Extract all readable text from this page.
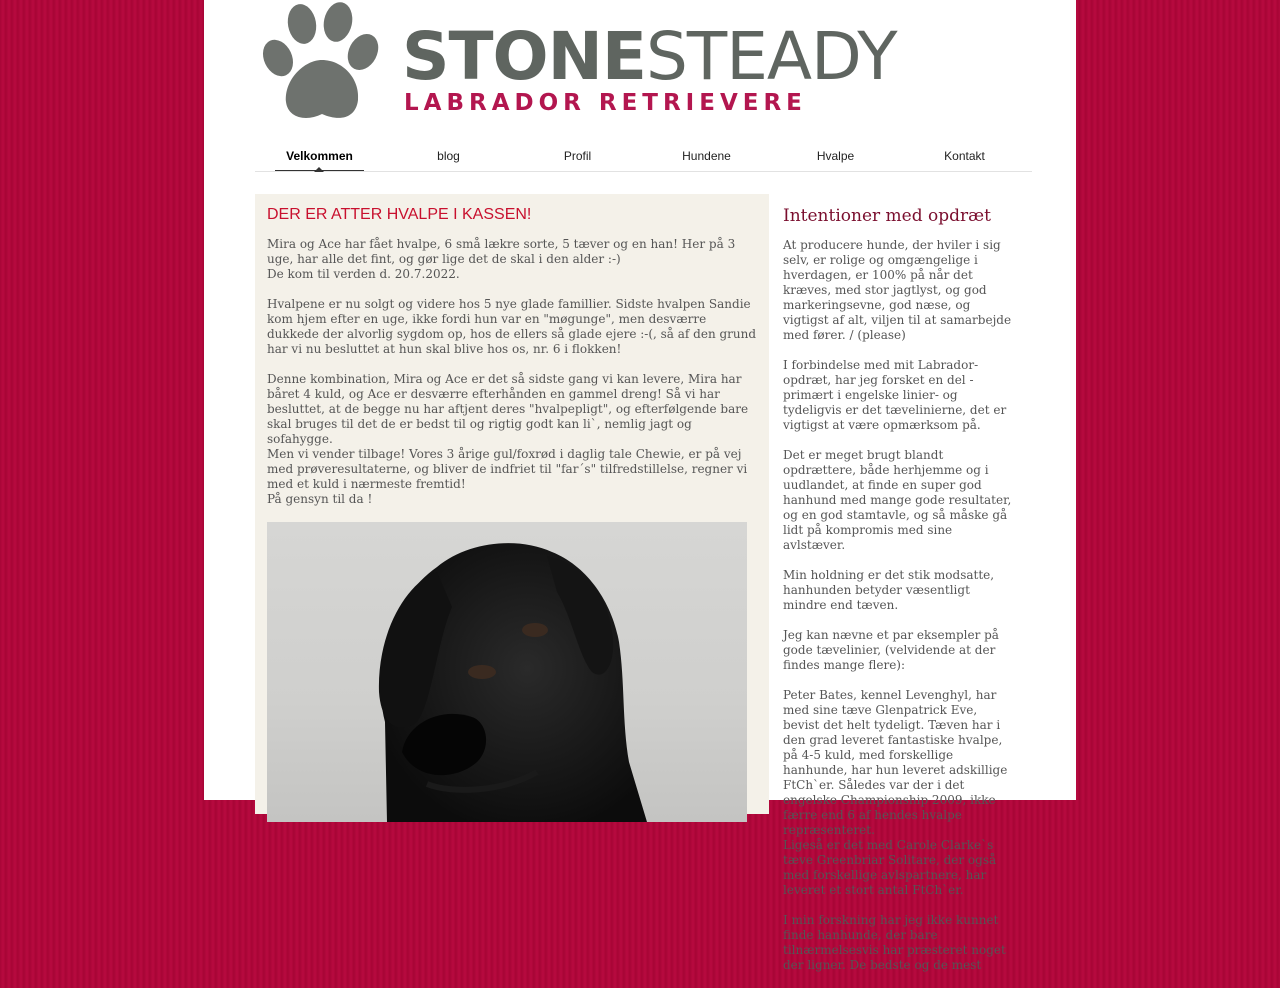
STONESTEADY
LABRADOR RETRIEVERE
Velkommen	blog	Profil	Hundene	Hvalpe	Kontakt
DER ER ATTER HVALPE I KASSEN!

Mira og Ace har fået hvalpe, 6 små lækre sorte, 5 tæver og en han! Her på 3 uge, har alle det fint, og gør lige det de skal i den alder :-)
De kom til verden d. 20.7.2022.

Hvalpene er nu solgt og videre hos 5 nye glade famillier. Sidste hvalpen Sandie kom hjem efter en uge, ikke fordi hun var en "møgunge", men desværre dukkede der alvorlig sygdom op, hos de ellers så glade ejere :-(, så af den grund har vi nu besluttet at hun skal blive hos os, nr. 6 i flokken!

Denne kombination, Mira og Ace er det så sidste gang vi kan levere, Mira har båret 4 kuld, og Ace er desværre efterhånden en gammel dreng! Så vi har besluttet, at de begge nu har aftjent deres "hvalpepligt", og efterfølgende bare skal bruges til det de er bedst til og rigtig godt kan li`, nemlig jagt og sofahygge.
Men vi vender tilbage! Vores 3 årige gul/foxrød i daglig tale Chewie, er på vej med prøveresultaterne, og bliver de indfriet til "far´s" tilfredstillelse, regner vi med et kuld i nærmeste fremtid!
På gensyn til da !

Intentioner med opdræt

At producere hunde, der hviler i sig selv, er rolige og omgængelige i hverdagen, er 100% på når det kræves, med stor jagtlyst, og god markeringsevne, god næse, og vigtigst af alt, viljen til at samarbejde med fører. / (please)

I forbindelse med mit Labrador-opdræt, har jeg forsket en del - primært i engelske linier- og tydeligvis er det tævelinierne, det er vigtigst at være opmærksom på.

Det er meget brugt blandt opdrættere, både herhjemme og i uudlandet, at finde en super god hanhund med mange gode resultater, og en god stamtavle, og så måske gå lidt på kompromis med sine avlstæver.

Min holdning er det stik modsatte, hanhunden betyder væsentligt mindre end tæven.

Jeg kan nævne et par eksempler på gode tævelinier, (velvidende at der findes mange flere):

Peter Bates, kennel Levenghyl, har med sine tæve Glenpatrick Eve, bevist det helt tydeligt. Tæven har i den grad leveret fantastiske hvalpe, på 4-5 kuld, med forskellige hanhunde, har hun leveret adskillige FtCh`er. Således var der i det engelske Championship 2009, ikke færre end 6 af hendes hvalpe repræsenteret.
Ligeså er det med Carole Clarke`s tæve Greenbriar Solitare, der også med forskellige avlspartnere, har leveret et stort antal FtCh`er.

I min forskning har jeg ikke kunnet finde hanhunde, der bare tilnærmelsesvis har præsteret noget der ligner. De bedste og de mest
